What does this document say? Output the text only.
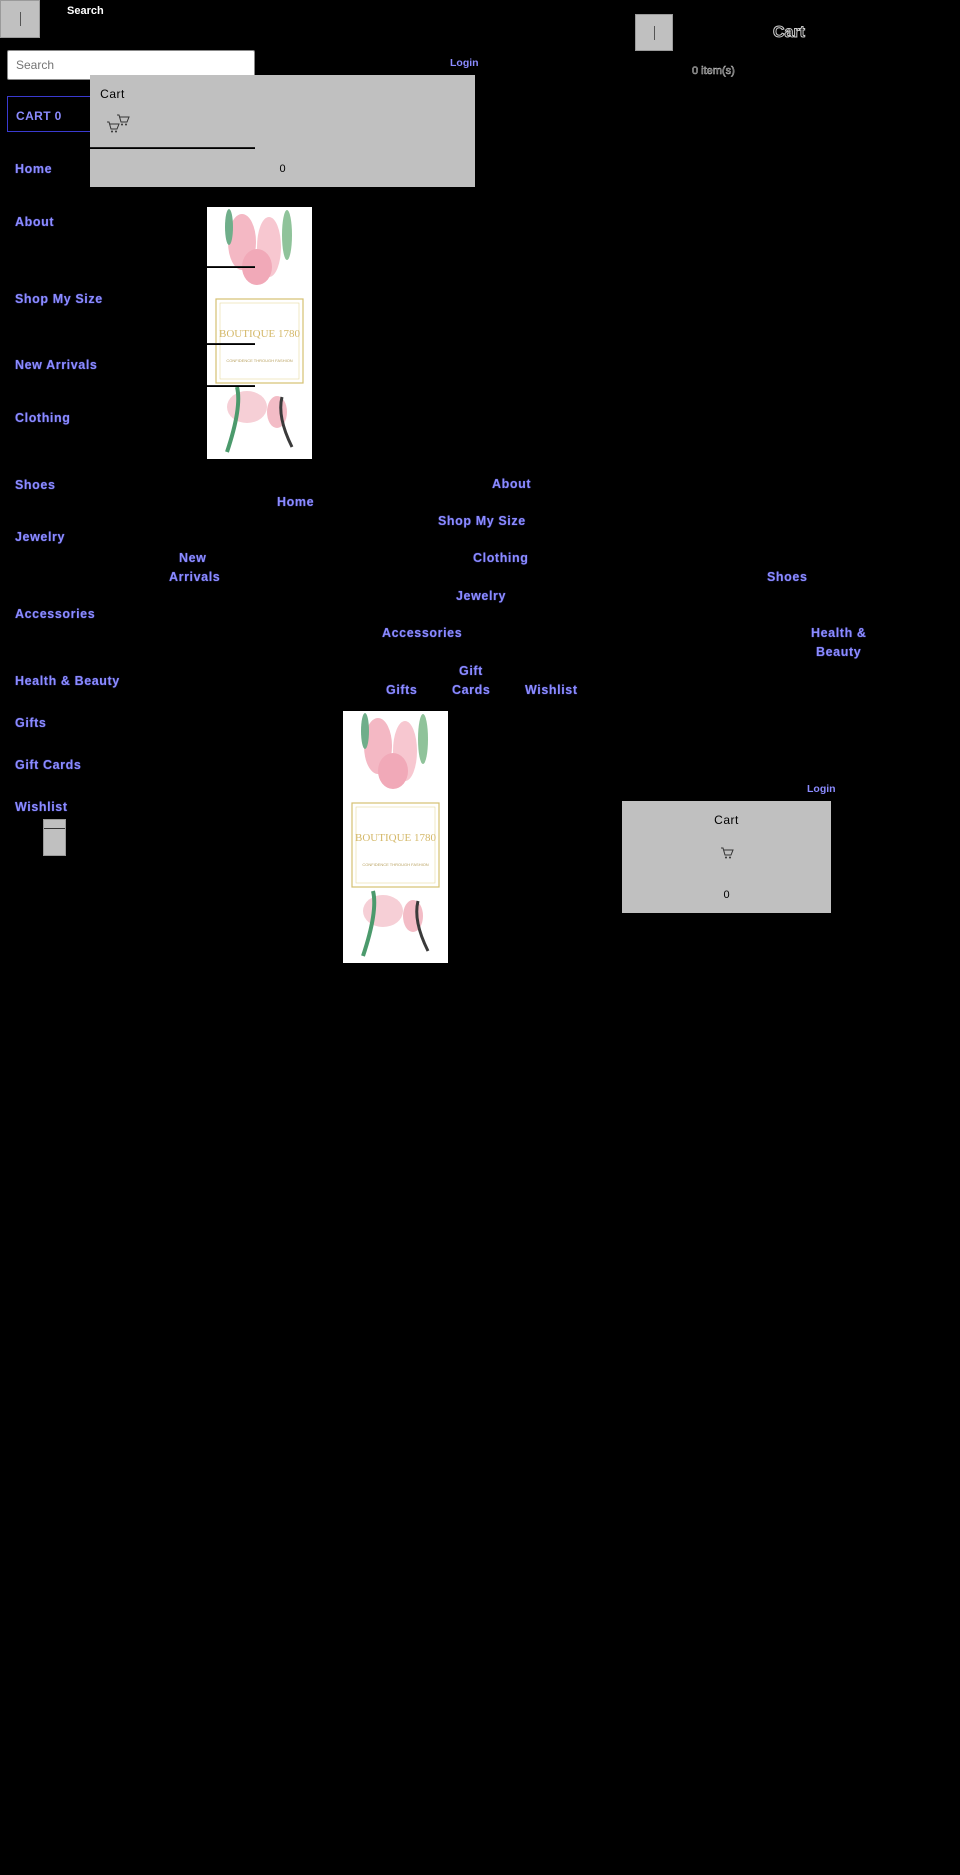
Search
Search
CART 0
Login
Cart
0
Cart
0 item(s)
Home
About
Shop My Size
New Arrivals
Clothing
Shoes
Jewelry
Accessories
Health & Beauty
Gifts
Gift Cards
Wishlist
BOUTIQUE 1780
CONFIDENCE THROUGH FASHION
About
Home
Shop My Size
New
Arrivals
Clothing
Shoes
Jewelry
Accessories	Health &
Beauty
Gift
Gifts	Cards	Wishlist
BOUTIQUE 1780
CONFIDENCE THROUGH FASHION
Login
Cart
0
